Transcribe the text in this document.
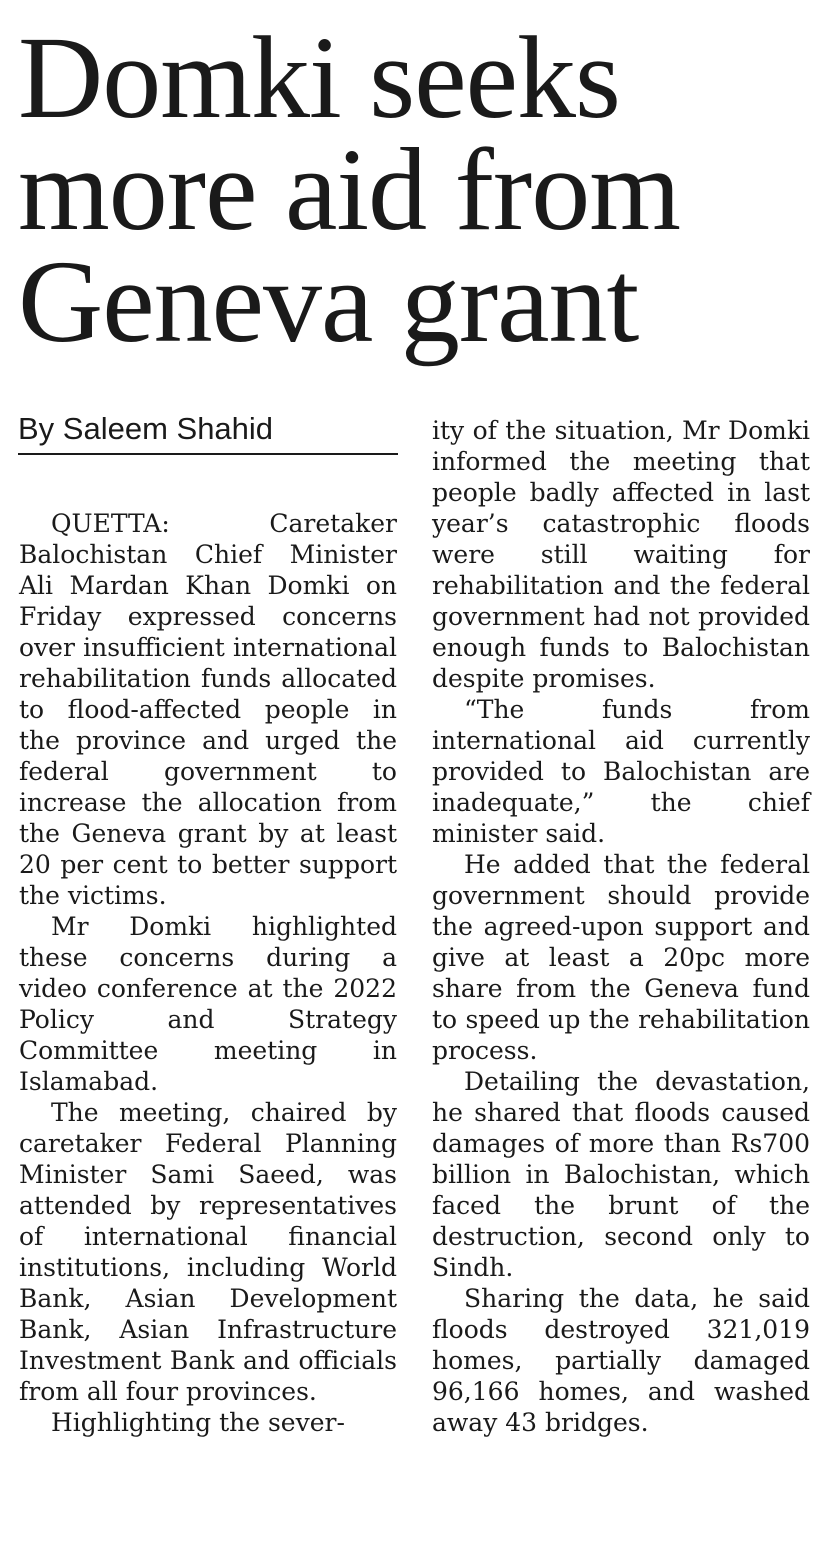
Domki seeks more aid from Geneva grant
By Saleem Shahid

QUETTA: Caretaker Balochistan Chief Minister Ali Mardan Khan Domki on Friday expressed concerns over insufficient international rehabilitation funds allocated to flood-affected people in the province and urged the federal government to increase the allocation from the Geneva grant by at least 20 per cent to better support the victims.

Mr Domki highlighted these concerns during a video conference at the 2022 Policy and Strategy Committee meeting in Islamabad.

The meeting, chaired by caretaker Federal Planning Minister Sami Saeed, was attended by representatives of international financial institutions, including World Bank, Asian Development Bank, Asian Infrastructure Investment Bank and officials from all four provinces.

Highlighting the sever-

ity of the situation, Mr Domki informed the meeting that people badly affected in last year’s catastrophic floods were still waiting for rehabilitation and the federal government had not provided enough funds to Balochistan despite promises.

“The funds from international aid currently provided to Balochistan are inadequate,” the chief minister said.

He added that the federal government should provide the agreed-upon support and give at least a 20pc more share from the Geneva fund to speed up the rehabilitation process.

Detailing the devastation, he shared that floods caused damages of more than Rs700 billion in Balochistan, which faced the brunt of the destruction, second only to Sindh.

Sharing the data, he said floods destroyed 321,019 homes, partially damaged 96,166 homes, and washed away 43 bridges.
